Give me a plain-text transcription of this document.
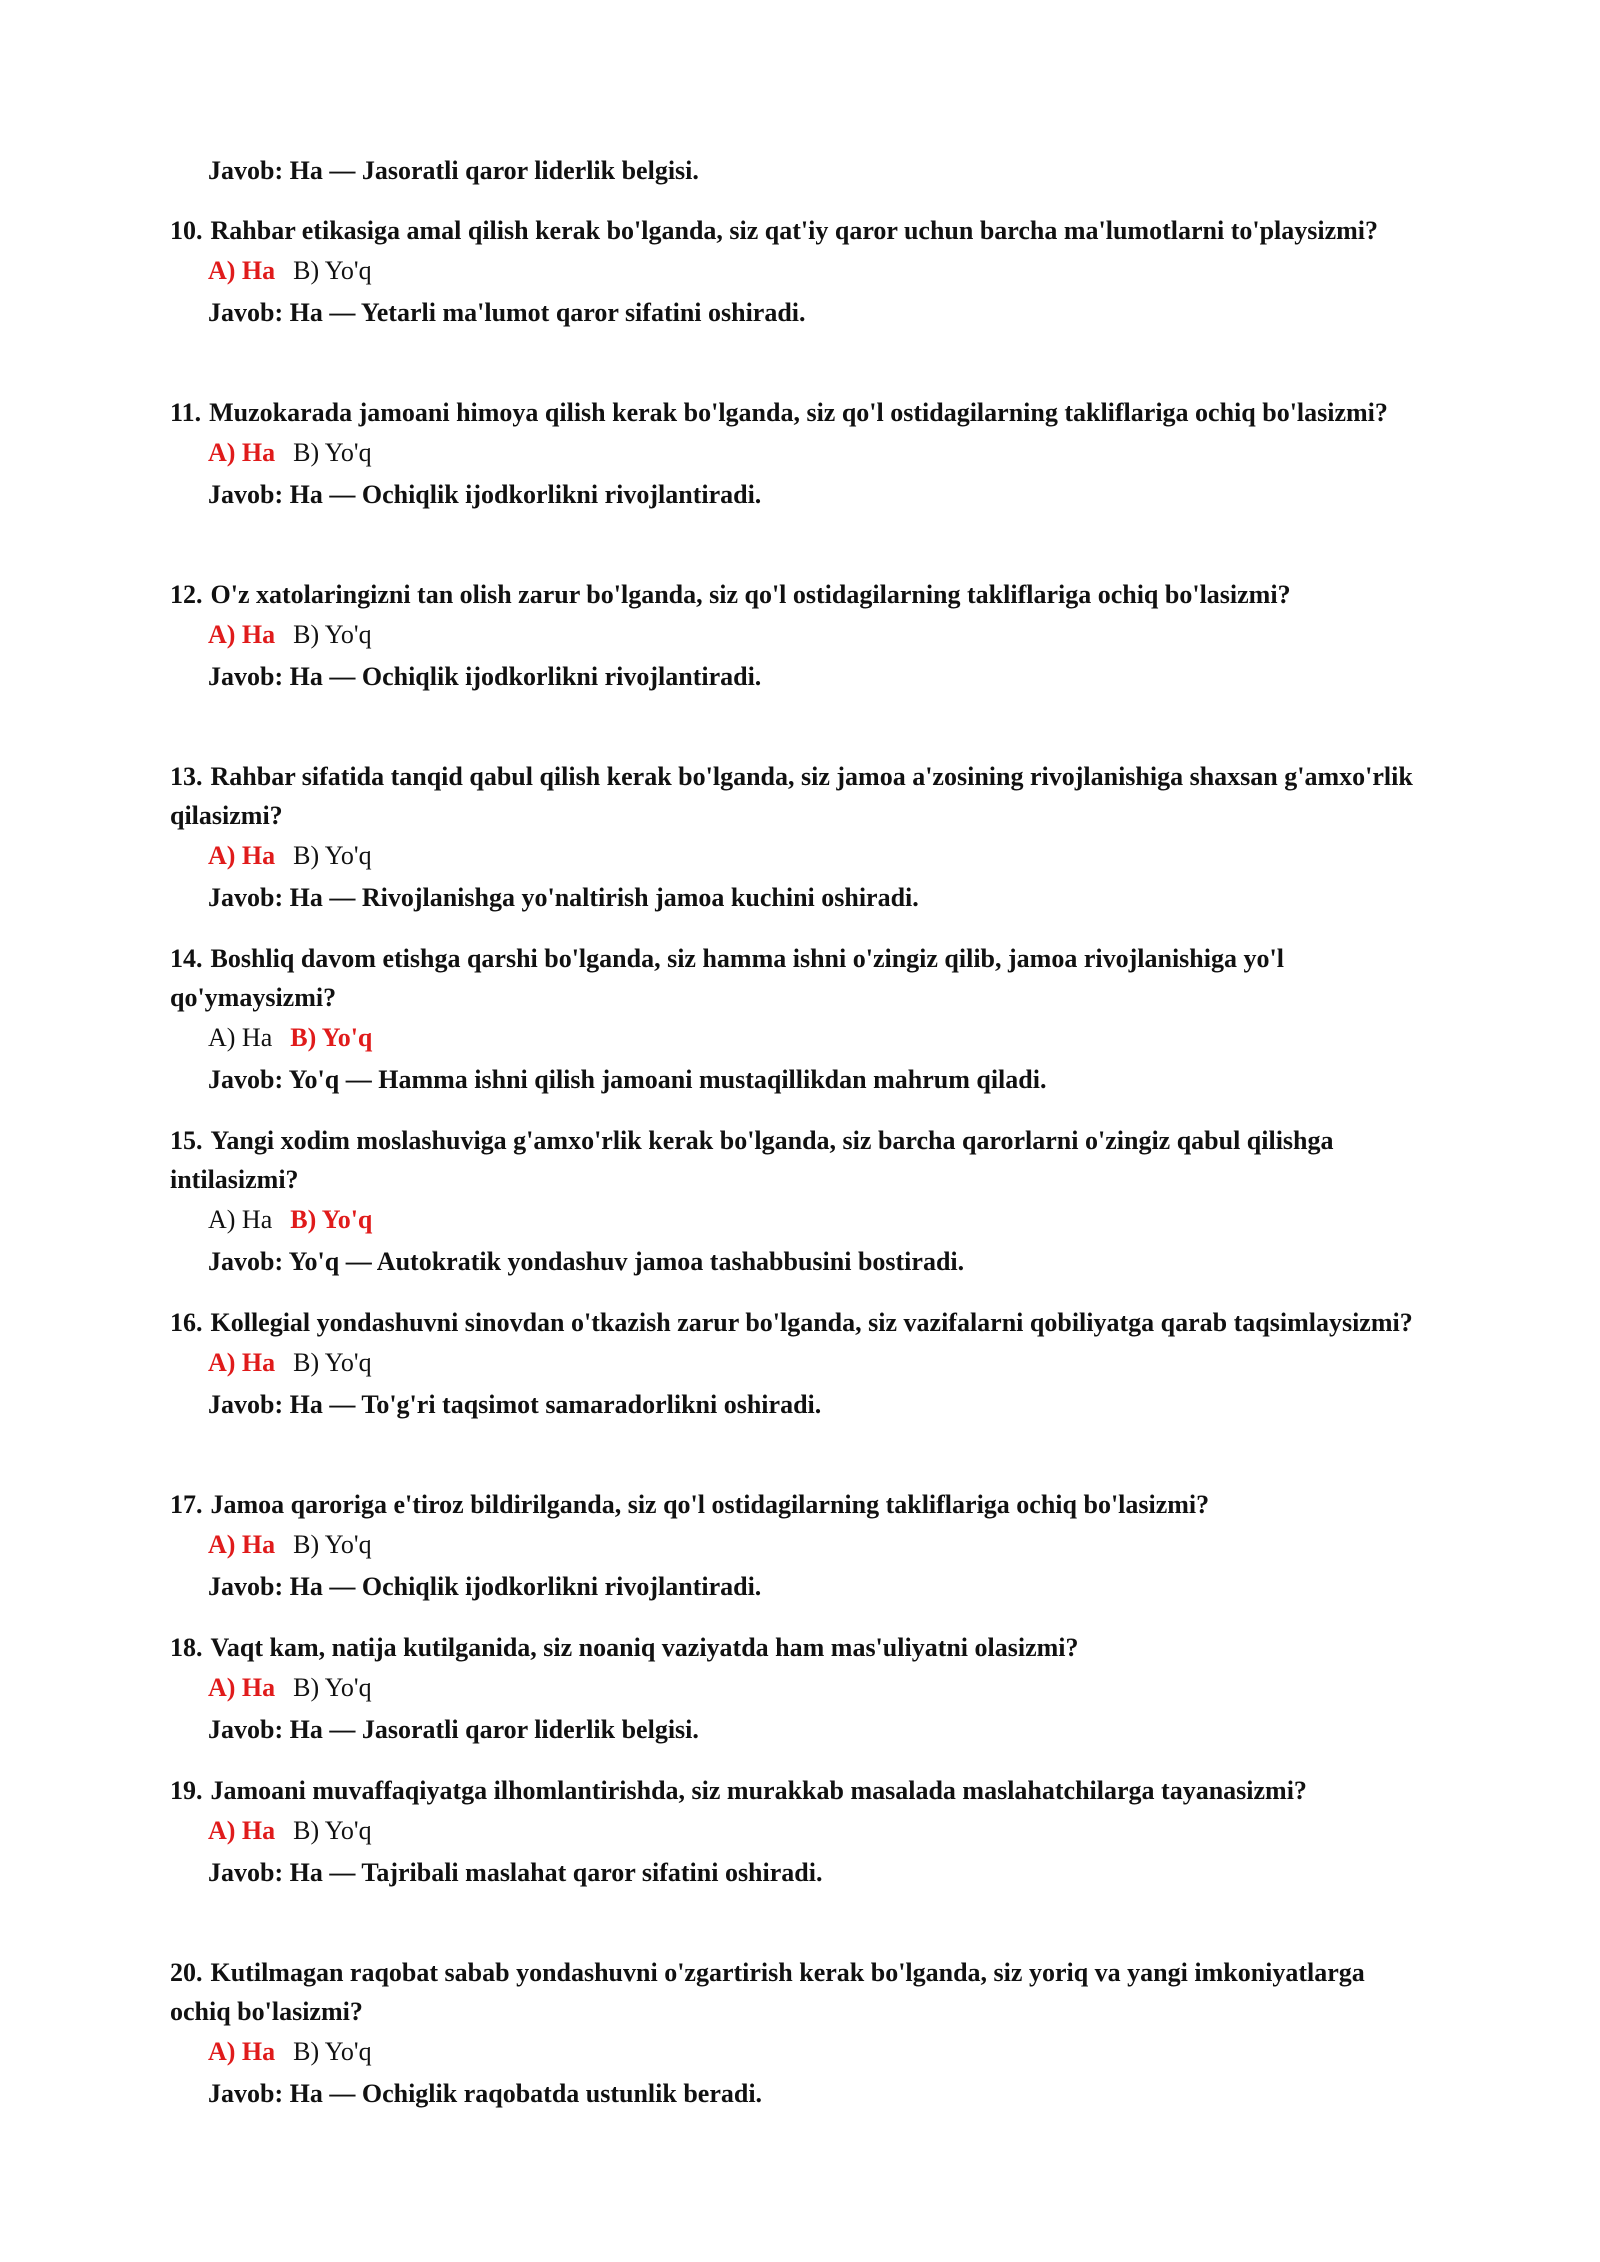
Javob: Ha — Jasoratli qaror liderlik belgisi.

10. Rahbar etikasiga amal qilish kerak bo'lganda, siz qat'iy qaror uchun barcha ma'lumotlarni to'playsizmi?

A) Ha B) Yo'q
Javob: Ha — Yetarli ma'lumot qaror sifatini oshiradi.

11. Muzokarada jamoani himoya qilish kerak bo'lganda, siz qo'l ostidagilarning takliflariga ochiq bo'lasizmi?

A) Ha B) Yo'q
Javob: Ha — Ochiqlik ijodkorlikni rivojlantiradi.

12. O'z xatolaringizni tan olish zarur bo'lganda, siz qo'l ostidagilarning takliflariga ochiq bo'lasizmi?

A) Ha B) Yo'q
Javob: Ha — Ochiqlik ijodkorlikni rivojlantiradi.

13. Rahbar sifatida tanqid qabul qilish kerak bo'lganda, siz jamoa a'zosining rivojlanishiga shaxsan g'amxo'rlik qilasizmi?

A) Ha B) Yo'q
Javob: Ha — Rivojlanishga yo'naltirish jamoa kuchini oshiradi.

14. Boshliq davom etishga qarshi bo'lganda, siz hamma ishni o'zingiz qilib, jamoa rivojlanishiga yo'l qo'ymaysizmi?

A) Ha B) Yo'q
Javob: Yo'q — Hamma ishni qilish jamoani mustaqillikdan mahrum qiladi.

15. Yangi xodim moslashuviga g'amxo'rlik kerak bo'lganda, siz barcha qarorlarni o'zingiz qabul qilishga intilasizmi?

A) Ha B) Yo'q
Javob: Yo'q — Autokratik yondashuv jamoa tashabbusini bostiradi.

16. Kollegial yondashuvni sinovdan o'tkazish zarur bo'lganda, siz vazifalarni qobiliyatga qarab taqsimlaysizmi?

A) Ha B) Yo'q
Javob: Ha — To'g'ri taqsimot samaradorlikni oshiradi.

17. Jamoa qaroriga e'tiroz bildirilganda, siz qo'l ostidagilarning takliflariga ochiq bo'lasizmi?

A) Ha B) Yo'q
Javob: Ha — Ochiqlik ijodkorlikni rivojlantiradi.

18. Vaqt kam, natija kutilganida, siz noaniq vaziyatda ham mas'uliyatni olasizmi?

A) Ha B) Yo'q
Javob: Ha — Jasoratli qaror liderlik belgisi.

19. Jamoani muvaffaqiyatga ilhomlantirishda, siz murakkab masalada maslahatchilarga tayanasizmi?

A) Ha B) Yo'q
Javob: Ha — Tajribali maslahat qaror sifatini oshiradi.

20. Kutilmagan raqobat sabab yondashuvni o'zgartirish kerak bo'lganda, siz yoriq va yangi imkoniyatlarga ochiq bo'lasizmi?

A) Ha B) Yo'q
Javob: Ha — Ochiglik raqobatda ustunlik beradi.
